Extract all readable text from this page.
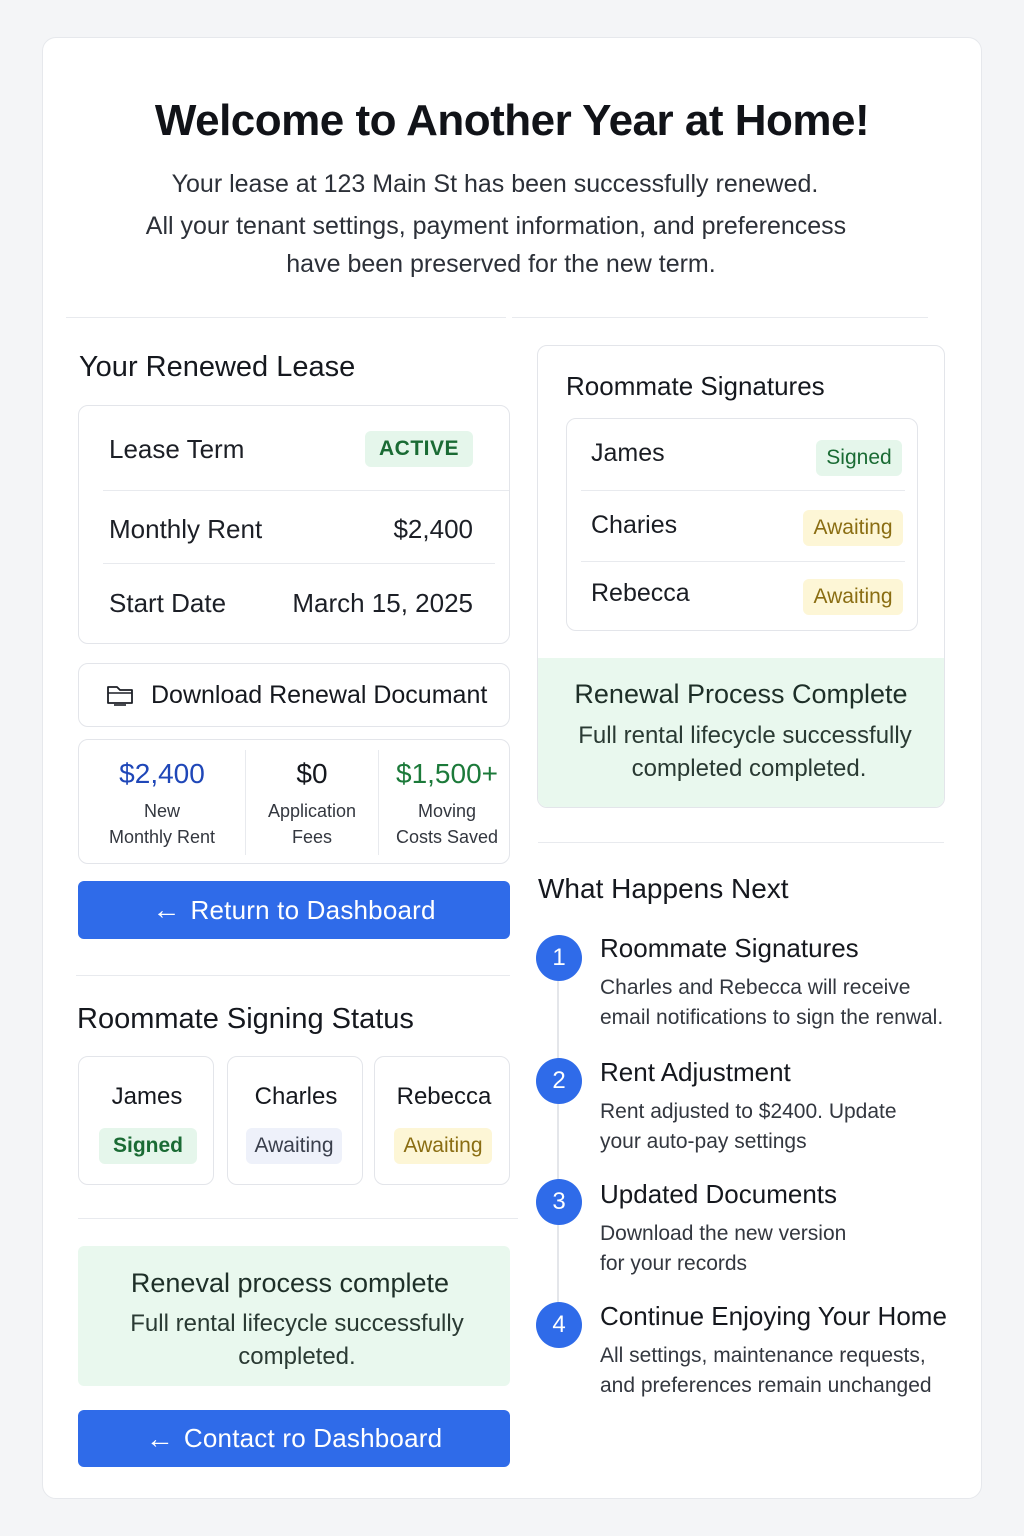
Welcome to Another Year at Home!
Your lease at 123 Main St has been successfully renewed.
All your tenant settings, payment information, and preferencess
have been preserved for the new term.
Your Renewed Lease
Lease Term	ACTIVE
Monthly Rent	$2,400
Start Date	March 15, 2025
Download Renewal Documant
$2,400
New
Monthly Rent
$0
Application
Fees
$1,500+
Moving
Costs Saved
← Return to Dashboard
Roommate Signing Status
James
Signed
Charles
Awaiting
Rebecca
Awaiting
Reneval process complete
Full rental lifecycle successfully
completed.
← Contact ro Dashboard
Roommate Signatures
James	Signed
Charies	Awaiting
Rebecca	Awaiting
Renewal Process Complete
Full rental lifecycle successfully
completed completed.
What Happens Next
1	Roommate Signatures
Charles and Rebecca will receive
email notifications to sign the renwal.
2	Rent Adjustment
Rent adjusted to $2400. Update
your auto-pay settings
3	Updated Documents
Download the new version
for your records
4	Continue Enjoying Your Home
All settings, maintenance requests,
and preferences remain unchanged
